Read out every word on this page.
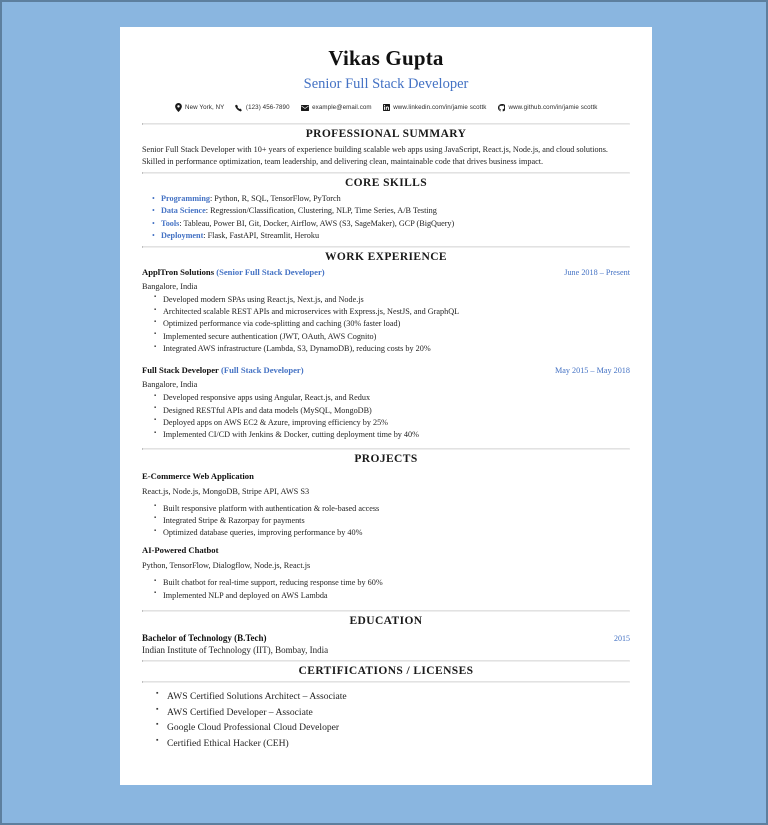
Vikas Gupta
Senior Full Stack Developer
New York, NY	(123) 456-7890	example@email.com	www.linkedin.com/in/jamie scottk	www.github.com/in/jamie scottk
PROFESSIONAL SUMMARY
Senior Full Stack Developer with 10+ years of experience building scalable web apps using JavaScript, React.js, Node.js, and cloud solutions. Skilled in performance optimization, team leadership, and delivering clean, maintainable code that drives business impact.
CORE SKILLS
• Programming: Python, R, SQL, TensorFlow, PyTorch
• Data Science: Regression/Classification, Clustering, NLP, Time Series, A/B Testing
• Tools: Tableau, Power BI, Git, Docker, Airflow, AWS (S3, SageMaker), GCP (BigQuery)
• Deployment: Flask, FastAPI, Streamlit, Heroku
WORK EXPERIENCE
ApplTron Solutions (Senior Full Stack Developer)	June 2018 – Present
Bangalore, India
▪ Developed modern SPAs using React.js, Next.js, and Node.js
▪ Architected scalable REST APIs and microservices with Express.js, NestJS, and GraphQL
▪ Optimized performance via code-splitting and caching (30% faster load)
▪ Implemented secure authentication (JWT, OAuth, AWS Cognito)
▪ Integrated AWS infrastructure (Lambda, S3, DynamoDB), reducing costs by 20%
Full Stack Developer (Full Stack Developer)	May 2015 – May 2018
Bangalore, India
▪ Developed responsive apps using Angular, React.js, and Redux
▪ Designed RESTful APIs and data models (MySQL, MongoDB)
▪ Deployed apps on AWS EC2 & Azure, improving efficiency by 25%
▪ Implemented CI/CD with Jenkins & Docker, cutting deployment time by 40%
PROJECTS
E-Commerce Web Application
React.js, Node.js, MongoDB, Stripe API, AWS S3
▪ Built responsive platform with authentication & role-based access
▪ Integrated Stripe & Razorpay for payments
▪ Optimized database queries, improving performance by 40%
AI-Powered Chatbot
Python, TensorFlow, Dialogflow, Node.js, React.js
▪ Built chatbot for real-time support, reducing response time by 60%
▪ Implemented NLP and deployed on AWS Lambda
EDUCATION
Bachelor of Technology (B.Tech)	2015
Indian Institute of Technology (IIT), Bombay, India
CERTIFICATIONS / LICENSES
▪ AWS Certified Solutions Architect – Associate
▪ AWS Certified Developer – Associate
▪ Google Cloud Professional Cloud Developer
▪ Certified Ethical Hacker (CEH)
